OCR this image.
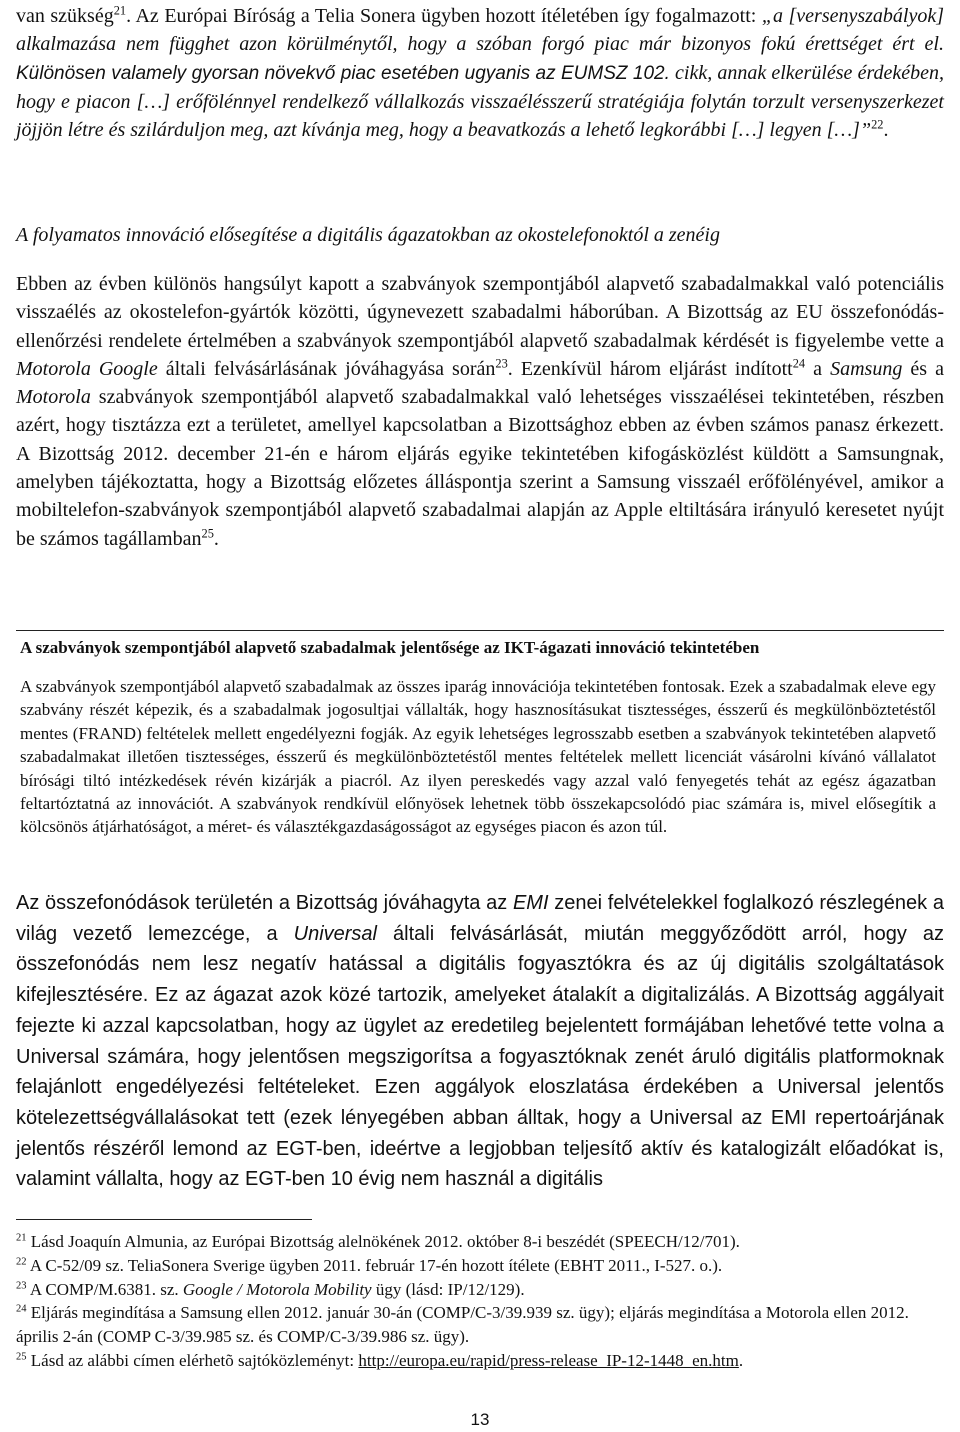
van szükség$^{21}$. Az Európai Bíróság a Telia Sonera ügyben hozott ítéletében így fogalmazott: „a [versenyszabályok] alkalmazása nem függhet azon körülménytől, hogy a szóban forgó piac már bizonyos fokú érettséget ért el. Különösen valamely gyorsan növekvő piac esetében ugyanis az EUMSZ 102. cikk, annak elkerülése érdekében, hogy e piacon […] erőfölénnyel rendelkező vállalkozás visszaélésszerű stratégiája folytán torzult versenyszerkezet jöjjön létre és szilárduljon meg, azt kívánja meg, hogy a beavatkozás a lehető legkorábbi […] legyen […]”$^{22}$.

A folyamatos innováció elősegítése a digitális ágazatokban az okostelefonoktól a zenéig

Ebben az évben különös hangsúlyt kapott a szabványok szempontjából alapvető szabadalmakkal való potenciális visszaélés az okostelefon-gyártók közötti, úgynevezett szabadalmi háborúban. A Bizottság az EU összefonódás-ellenőrzési rendelete értelmében a szabványok szempontjából alapvető szabadalmak kérdését is figyelembe vette a Motorola Google általi felvásárlásának jóváhagyása során$^{23}$. Ezenkívül három eljárást indított$^{24}$ a Samsung és a Motorola szabványok szempontjából alapvető szabadalmakkal való lehetséges visszaélései tekintetében, részben azért, hogy tisztázza ezt a területet, amellyel kapcsolatban a Bizottsághoz ebben az évben számos panasz érkezett. A Bizottság 2012. december 21-én e három eljárás egyike tekintetében kifogásközlést küldött a Samsungnak, amelyben tájékoztatta, hogy a Bizottság előzetes álláspontja szerint a Samsung visszaél erőfölényével, amikor a mobiltelefon-szabványok szempontjából alapvető szabadalmai alapján az Apple eltiltására irányuló keresetet nyújt be számos tagállamban$^{25}$.

A szabványok szempontjából alapvető szabadalmak jelentősége az IKT-ágazati innováció tekintetében

A szabványok szempontjából alapvető szabadalmak az összes iparág innovációja tekintetében fontosak. Ezek a szabadalmak eleve egy szabvány részét képezik, és a szabadalmak jogosultjai vállalták, hogy hasznosításukat tisztességes, ésszerű és megkülönböztetéstől mentes (FRAND) feltételek mellett engedélyezni fogják. Az egyik lehetséges legrosszabb esetben a szabványok tekintetében alapvető szabadalmakat illetően tisztességes, ésszerű és megkülönböztetéstől mentes feltételek mellett licenciát vásárolni kívánó vállalatot bírósági tiltó intézkedések révén kizárják a piacról. Az ilyen pereskedés vagy azzal való fenyegetés tehát az egész ágazatban feltartóztatná az innovációt. A szabványok rendkívül előnyösek lehetnek több összekapcsolódó piac számára is, mivel elősegítik a kölcsönös átjárhatóságot, a méret- és választékgazdaságosságot az egységes piacon és azon túl.

Az összefonódások területén a Bizottság jóváhagyta az EMI zenei felvételekkel foglalkozó részlegének a világ vezető lemezcége, a Universal általi felvásárlását, miután meggyőződött arról, hogy az összefonódás nem lesz negatív hatással a digitális fogyasztókra és az új digitális szolgáltatások kifejlesztésére. Ez az ágazat azok közé tartozik, amelyeket átalakít a digitalizálás. A Bizottság aggályait fejezte ki azzal kapcsolatban, hogy az ügylet az eredetileg bejelentett formájában lehetővé tette volna a Universal számára, hogy jelentősen megszigorítsa a fogyasztóknak zenét áruló digitális platformoknak felajánlott engedélyezési feltételeket. Ezen aggályok eloszlatása érdekében a Universal jelentős kötelezettségvállalásokat tett (ezek lényegében abban álltak, hogy a Universal az EMI repertoárjának jelentős részéről lemond az EGT-ben, ideértve a legjobban teljesítő aktív és katalogizált előadókat is, valamint vállalta, hogy az EGT-ben 10 évig nem használ a digitális

$^{21}$ Lásd Joaquín Almunia, az Európai Bizottság alelnökének 2012. október 8-i beszédét (SPEECH/12/701).

$^{22}$ A C-52/09 sz. TeliaSonera Sverige ügyben 2011. február 17-én hozott ítélete (EBHT 2011., I-527. o.).

$^{23}$ A COMP/M.6381. sz. Google / Motorola Mobility ügy (lásd: IP/12/129).

$^{24}$ Eljárás megindítása a Samsung ellen 2012. január 30-án (COMP/C-3/39.939 sz. ügy); eljárás megindítása a Motorola ellen 2012. április 2-án (COMP C-3/39.985 sz. és COMP/C-3/39.986 sz. ügy).

$^{25}$ Lásd az alábbi címen elérhetõ sajtóközleményt: http://europa.eu/rapid/press-release_IP-12-1448_en.htm.

13
